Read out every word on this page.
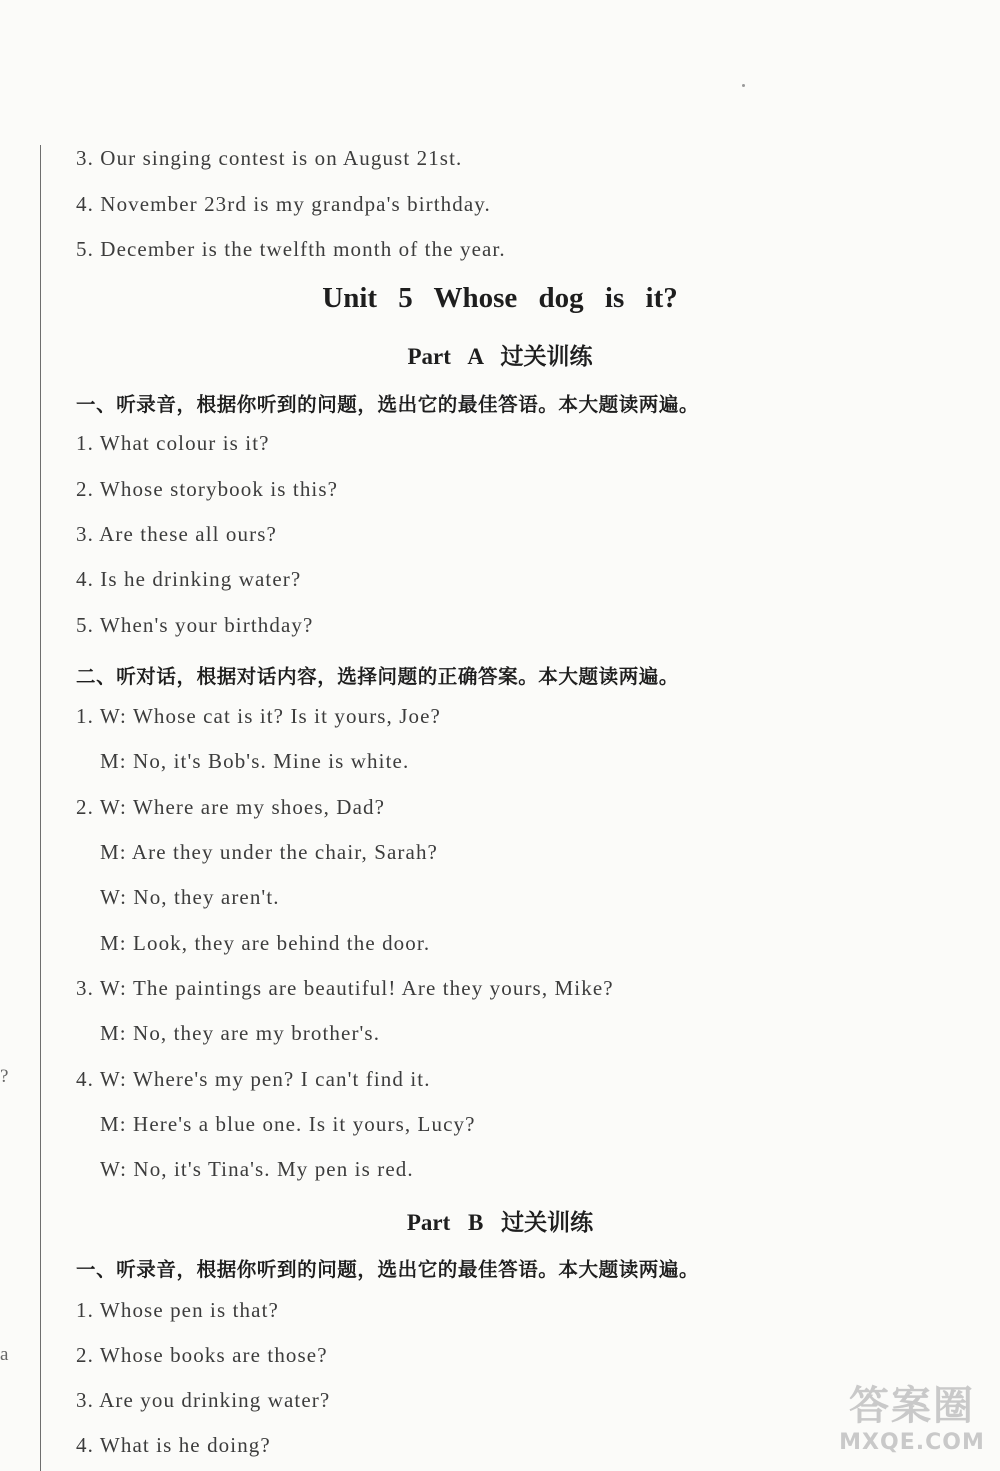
3. Our singing contest is on August 21st.
4. November 23rd is my grandpa's birthday.
5. December is the twelfth month of the year.
Unit 5 Whose dog is it?
Part A 过关训练
一、听录音，根据你听到的问题，选出它的最佳答语。本大题读两遍。
1. What colour is it?
2. Whose storybook is this?
3. Are these all ours?
4. Is he drinking water?
5. When's your birthday?
二、听对话，根据对话内容，选择问题的正确答案。本大题读两遍。
1. W: Whose cat is it? Is it yours, Joe?
M: No, it's Bob's. Mine is white.
2. W: Where are my shoes, Dad?
M: Are they under the chair, Sarah?
W: No, they aren't.
M: Look, they are behind the door.
3. W: The paintings are beautiful! Are they yours, Mike?
M: No, they are my brother's.
4. W: Where's my pen? I can't find it.
M: Here's a blue one. Is it yours, Lucy?
W: No, it's Tina's. My pen is red.
Part B 过关训练
一、听录音，根据你听到的问题，选出它的最佳答语。本大题读两遍。
1. Whose pen is that?
2. Whose books are those?
3. Are you drinking water?
4. What is he doing?
?
a
答案圈
MXQE.COM
